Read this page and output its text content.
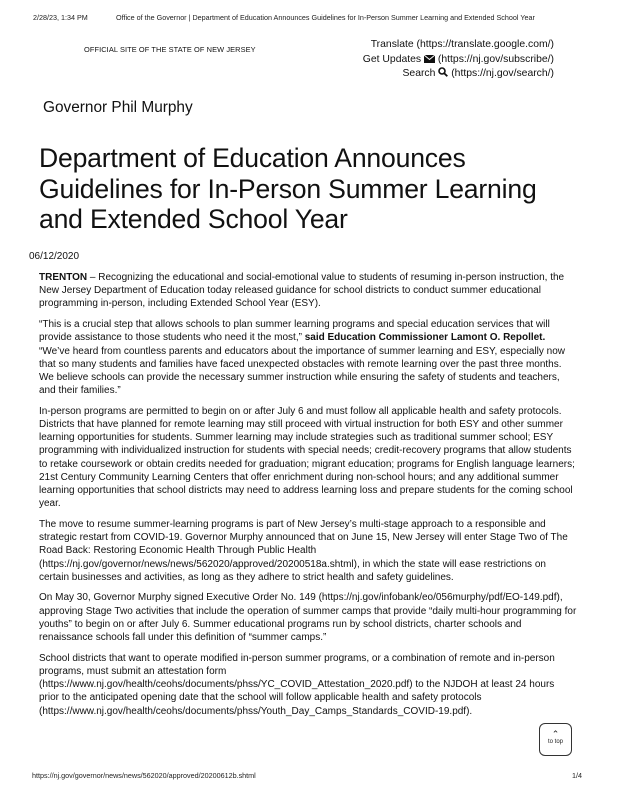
2/28/23, 1:34 PM	Office of the Governor | Department of Education Announces Guidelines for In-Person Summer Learning and Extended School Year
OFFICIAL SITE OF THE STATE OF NEW JERSEY	Translate (https://translate.google.com/)
Get Updates (https://nj.gov/subscribe/)
Search (https://nj.gov/search/)
Governor Phil Murphy
Department of Education Announces Guidelines for In-Person Summer Learning and Extended School Year
06/12/2020

TRENTON – Recognizing the educational and social-emotional value to students of resuming in-person instruction, the New Jersey Department of Education today released guidance for school districts to conduct summer educational programming in-person, including Extended School Year (ESY).

“This is a crucial step that allows schools to plan summer learning programs and special education services that will provide assistance to those students who need it the most,” said Education Commissioner Lamont O. Repollet. “We’ve heard from countless parents and educators about the importance of summer learning and ESY, especially now that so many students and families have faced unexpected obstacles with remote learning over the past three months. We believe schools can provide the necessary summer instruction while ensuring the safety of students and teachers, and their families.”

In-person programs are permitted to begin on or after July 6 and must follow all applicable health and safety protocols. Districts that have planned for remote learning may still proceed with virtual instruction for both ESY and other summer learning opportunities for students. Summer learning may include strategies such as traditional summer school; ESY programming with individualized instruction for students with special needs; credit-recovery programs that allow students to retake coursework or obtain credits needed for graduation; migrant education; programs for English language learners; 21st Century Community Learning Centers that offer enrichment during non-school hours; and any additional summer learning opportunities that school districts may need to address learning loss and prepare students for the coming school year.

The move to resume summer-learning programs is part of New Jersey’s multi-stage approach to a responsible and strategic restart from COVID-19. Governor Murphy announced that on June 15, New Jersey will enter Stage Two of The Road Back: Restoring Economic Health Through Public Health (https://nj.gov/governor/news/news/562020/approved/20200518a.shtml), in which the state will ease restrictions on certain businesses and activities, as long as they adhere to strict health and safety guidelines.

On May 30, Governor Murphy signed Executive Order No. 149 (https://nj.gov/infobank/eo/056murphy/pdf/EO-149.pdf), approving Stage Two activities that include the operation of summer camps that provide “daily multi-hour programming for youths” to begin on or after July 6. Summer educational programs run by school districts, charter schools and renaissance schools fall under this definition of “summer camps.”

School districts that want to operate modified in-person summer programs, or a combination of remote and in-person programs, must submit an attestation form (https://www.nj.gov/health/ceohs/documents/phss/YC_COVID_Attestation_2020.pdf) to the NJDOH at least 24 hours prior to the anticipated opening date that the school will follow applicable health and safety protocols (https://www.nj.gov/health/ceohs/documents/phss/Youth_Day_Camps_Standards_COVID-19.pdf).

⌃
to top
https://nj.gov/governor/news/news/562020/approved/20200612b.shtml	1/4
